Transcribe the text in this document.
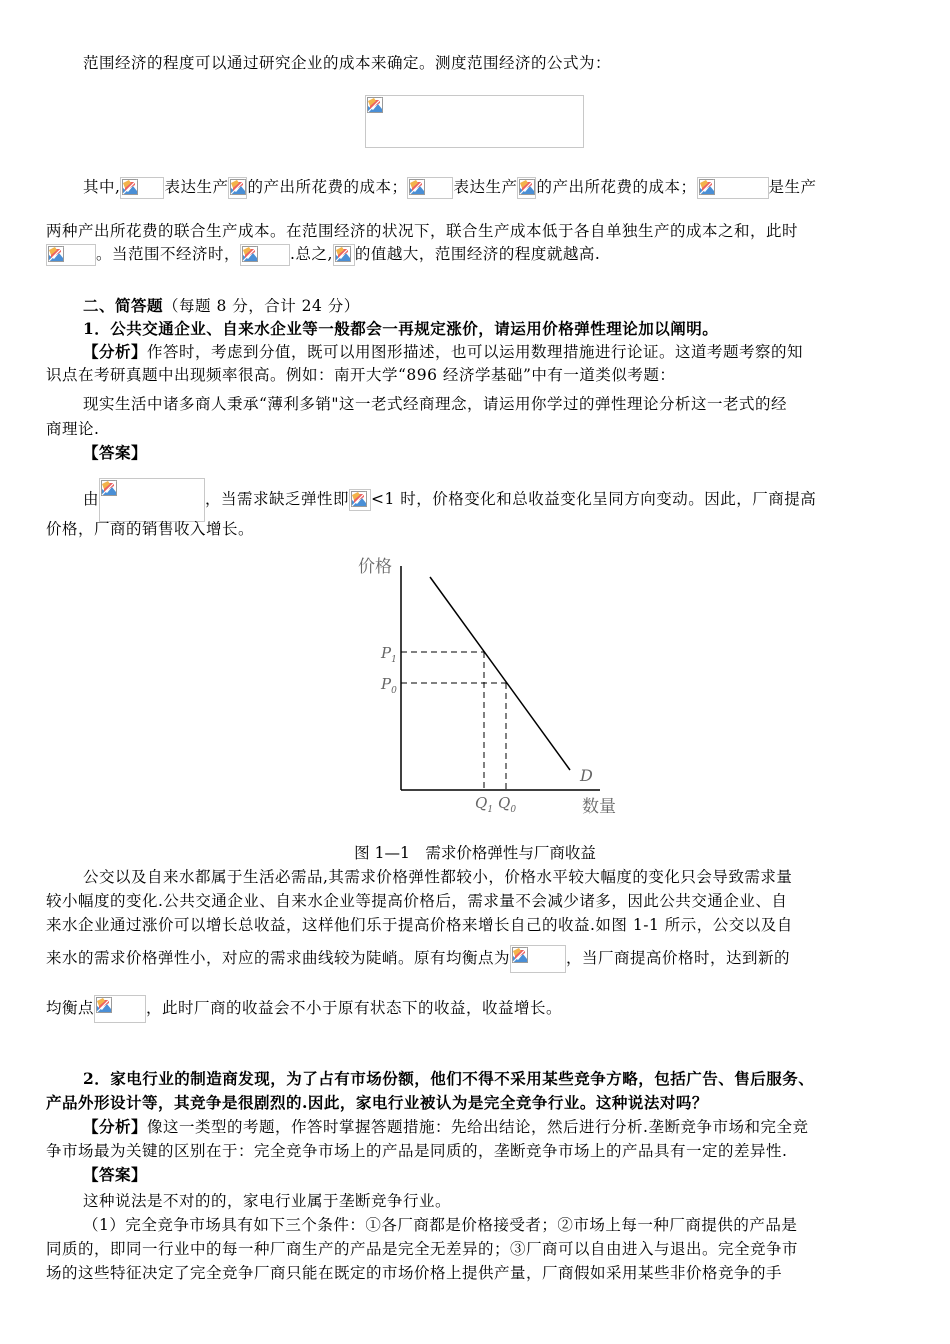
范围经济的程度可以通过研究企业的成本来确定。测度范围经济的公式为：
其中,	表达生产 的产出所花费的成本；	表达生产 的产出所花费的成本；	是生产
两种产出所花费的联合生产成本。在范围经济的状况下，联合生产成本低于各自单独生产的成本之和，此时
。当范围不经济时，	.总之, 的值越大，范围经济的程度就越高.
二、简答题（每题 8 分，合计 24 分）
1．公共交通企业、自来水企业等一般都会一再规定涨价，请运用价格弹性理论加以阐明。
【分析】作答时，考虑到分值，既可以用图形描述，也可以运用数理措施进行论证。这道考题考察的知
识点在考研真题中出现频率很高。例如：南开大学“896 经济学基础”中有一道类似考题：
现实生活中诸多商人秉承“薄利多销"这一老式经商理念，请运用你学过的弹性理论分析这一老式的经
商理论.
【答案】
由	，当需求缺乏弹性即 <1 时，价格变化和总收益变化呈同方向变动。因此，厂商提高
价格，厂商的销售收入增长。
价格
D
$P_1$
$P_0$
$Q_1$ $Q_0$	数量
图 1—1　需求价格弹性与厂商收益
公交以及自来水都属于生活必需品,其需求价格弹性都较小，价格水平较大幅度的变化只会导致需求量
较小幅度的变化.公共交通企业、自来水企业等提高价格后，需求量不会减少诸多，因此公共交通企业、自
来水企业通过涨价可以增长总收益，这样他们乐于提高价格来增长自己的收益.如图 1-1 所示，公交以及自
来水的需求价格弹性小，对应的需求曲线较为陡峭。原有均衡点为	，当厂商提高价格时，达到新的
均衡点	，此时厂商的收益会不小于原有状态下的收益，收益增长。
2．家电行业的制造商发现，为了占有市场份额，他们不得不采用某些竞争方略，包括广告、售后服务、
产品外形设计等，其竞争是很剧烈的.因此，家电行业被认为是完全竞争行业。这种说法对吗？
【分析】像这一类型的考题，作答时掌握答题措施：先给出结论，然后进行分析.垄断竞争市场和完全竞
争市场最为关键的区别在于：完全竞争市场上的产品是同质的，垄断竞争市场上的产品具有一定的差异性.
【答案】
这种说法是不对的的，家电行业属于垄断竞争行业。
（1）完全竞争市场具有如下三个条件：①各厂商都是价格接受者；②市场上每一种厂商提供的产品是
同质的，即同一行业中的每一种厂商生产的产品是完全无差异的；③厂商可以自由进入与退出。完全竞争市
场的这些特征决定了完全竞争厂商只能在既定的市场价格上提供产量，厂商假如采用某些非价格竞争的手
